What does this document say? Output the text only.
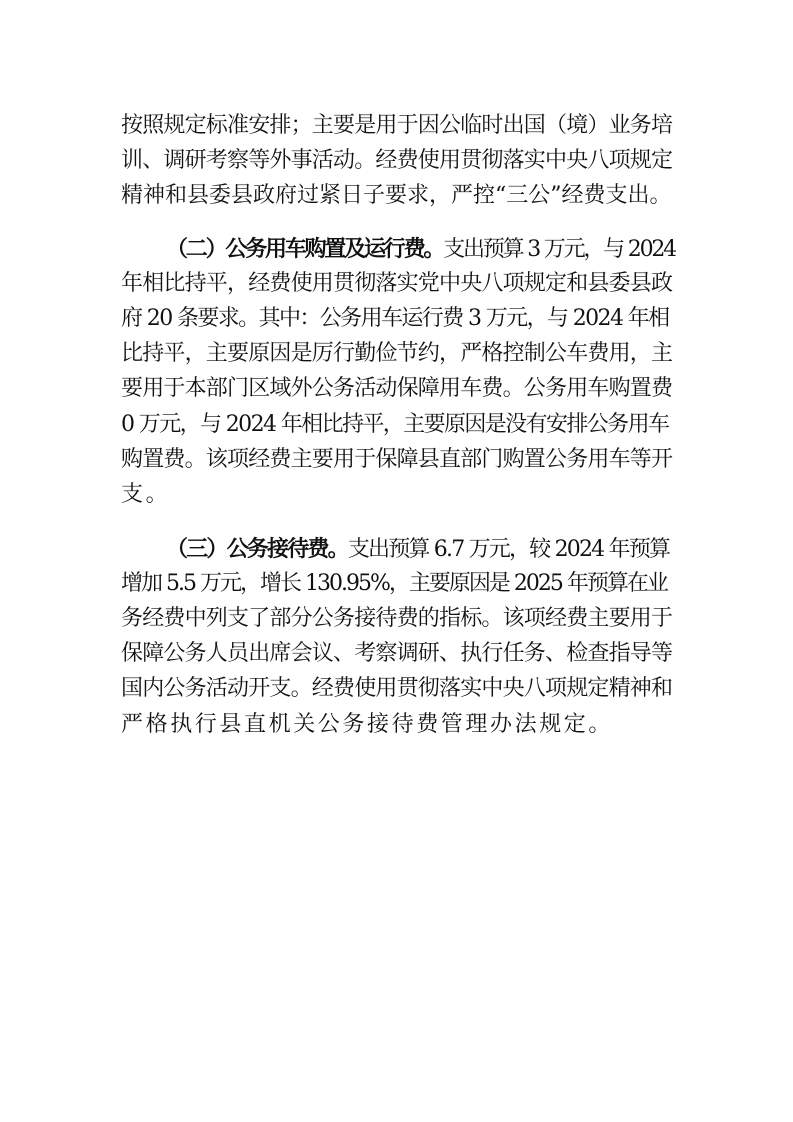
按照规定标准安排；主要是用于因公临时出国（境）业务培
训、调研考察等外事活动。经费使用贯彻落实中央八项规定
精神和县委县政府过紧日子要求，严控“三公”经费支出。
（二）公务用车购置及运行费。支出预算 3 万元，与 2024
年相比持平，经费使用贯彻落实党中央八项规定和县委县政
府 20 条要求。其中：公务用车运行费 3 万元，与 2024 年相
比持平，主要原因是厉行勤俭节约，严格控制公车费用，主
要用于本部门区域外公务活动保障用车费。公务用车购置费
0 万元，与 2024 年相比持平，主要原因是没有安排公务用车
购置费。该项经费主要用于保障县直部门购置公务用车等开
支。
（三）公务接待费。支出预算 6.7 万元，较 2024 年预算
增加 5.5 万元，增长 130.95%，主要原因是 2025 年预算在业
务经费中列支了部分公务接待费的指标。该项经费主要用于
保障公务人员出席会议、考察调研、执行任务、检查指导等
国内公务活动开支。经费使用贯彻落实中央八项规定精神和
严格执行县直机关公务接待费管理办法规定。
